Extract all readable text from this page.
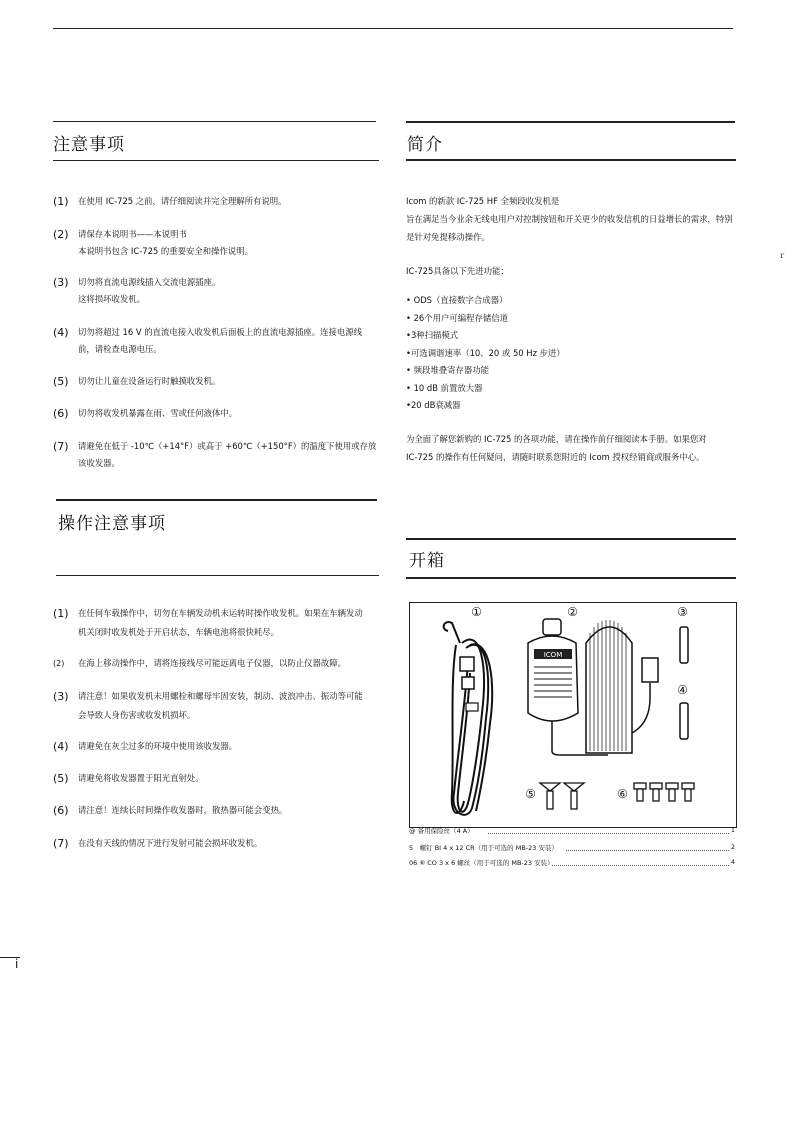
注意事项
(1) 在使用 IC-725 之前，请仔细阅读并完全理解所有说明。
(2) 请保存本说明书——本说明书
本说明书包含 IC-725 的重要安全和操作说明。
(3) 切勿将直流电源线插入交流电源插座。
这将损坏收发机。
(4) 切勿将超过 16 V 的直流电接入收发机后面板上的直流电源插座。连接电源线
前，请检查电源电压。
(5) 切勿让儿童在设备运行时触摸收发机。
(6) 切勿将收发机暴露在雨、雪或任何液体中。
(7) 请避免在低于 -10℃（+14°F）或高于 +60℃（+150°F）的温度下使用或存放
该收发器。
操作注意事项
(1) 在任何车载操作中，切勿在车辆发动机未运转时操作收发机。如果在车辆发动
机关闭时收发机处于开启状态，车辆电池将很快耗尽。
(2) 在海上移动操作中，请将连接线尽可能远离电子仪器，以防止仪器故障。
(3) 请注意！如果收发机未用螺栓和螺母牢固安装，制动、波浪冲击、振动等可能
会导致人身伤害或收发机损坏。
(4) 请避免在灰尘过多的环境中使用该收发器。
(5) 请避免将收发器置于阳光直射处。
(6) 请注意！连续长时间操作收发器时，散热器可能会变热。
(7) 在没有天线的情况下进行发射可能会损坏收发机。
简介
Icom 的新款 IC-725 HF 全频段收发机是
旨在满足当今业余无线电用户对控制按钮和开关更少的收发信机的日益增长的需求，特别
是针对免提移动操作。
IC-725具备以下先进功能：
• ODS（直接数字合成器）
• 26个用户可编程存储信道
•3种扫描模式
•可选调谐速率（10、20 或 50 Hz 步进）
• 频段堆叠寄存器功能
• 10 dB 前置放大器
•20 dB衰减器
为全面了解您新购的 IC-725 的各项功能，请在操作前仔细阅读本手册。如果您对
IC-725 的操作有任何疑问，请随时联系您附近的 Icom 授权经销商或服务中心。
ｒ
开箱
ICOM
①	②	③
④
⑤	⑥
@ 备用保险丝（4 A）	1
5　螺钉 BI 4 x 12 CR（用于可选的 MB-23 安装）	2
06 ⑥ CO 3 x 6 螺丝（用于可选的 MB-23 安装）	4
i
